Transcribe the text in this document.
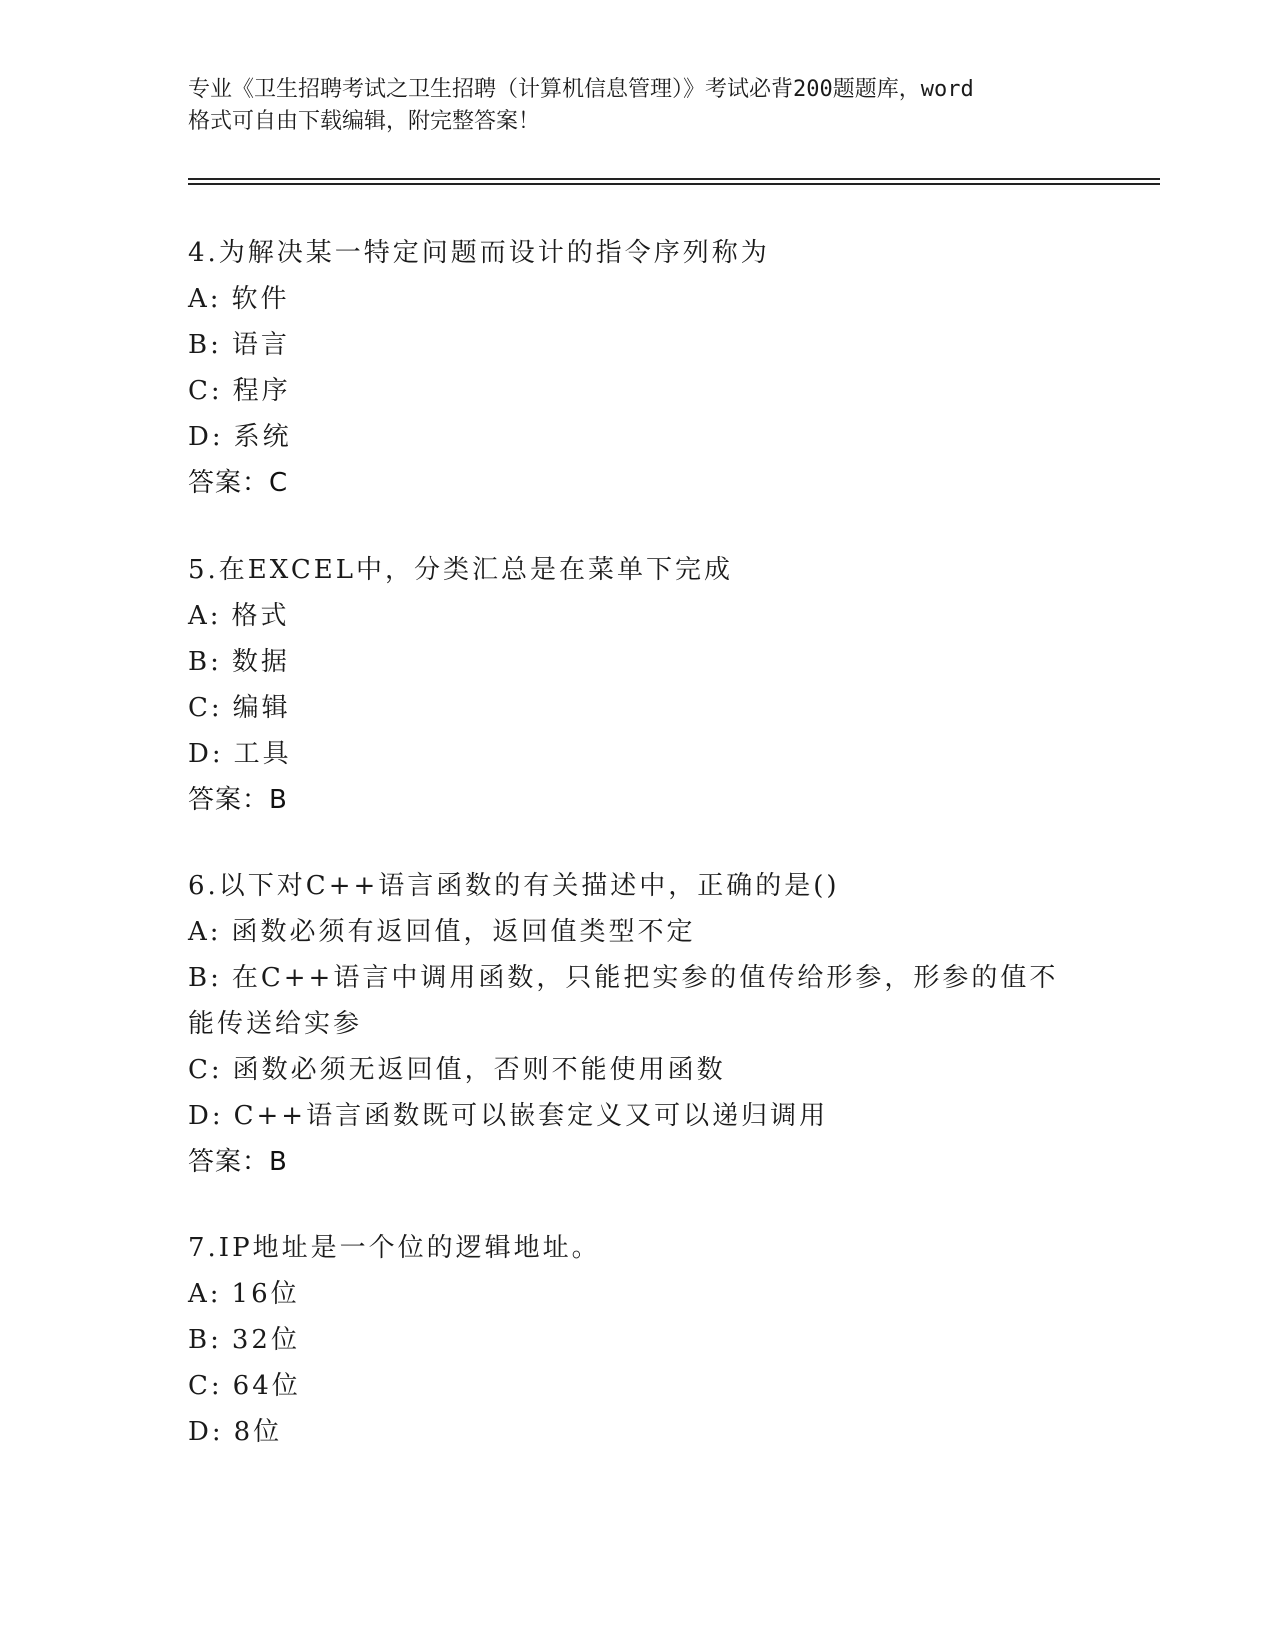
专业《卫生招聘考试之卫生招聘（计算机信息管理）》考试必背200题题库，word
格式可自由下载编辑，附完整答案！
4.为解决某一特定问题而设计的指令序列称为
A: 软件
B: 语言
C: 程序
D: 系统
答案：C
5.在EXCEL中，分类汇总是在菜单下完成
A: 格式
B: 数据
C: 编辑
D: 工具
答案：B
6.以下对C++语言函数的有关描述中，正确的是()
A: 函数必须有返回值，返回值类型不定
B: 在C++语言中调用函数，只能把实参的值传给形参，形参的值不能传送给实参
C: 函数必须无返回值，否则不能使用函数
D: C++语言函数既可以嵌套定义又可以递归调用
答案：B
7.IP地址是一个位的逻辑地址。
A: 16位
B: 32位
C: 64位
D: 8位
